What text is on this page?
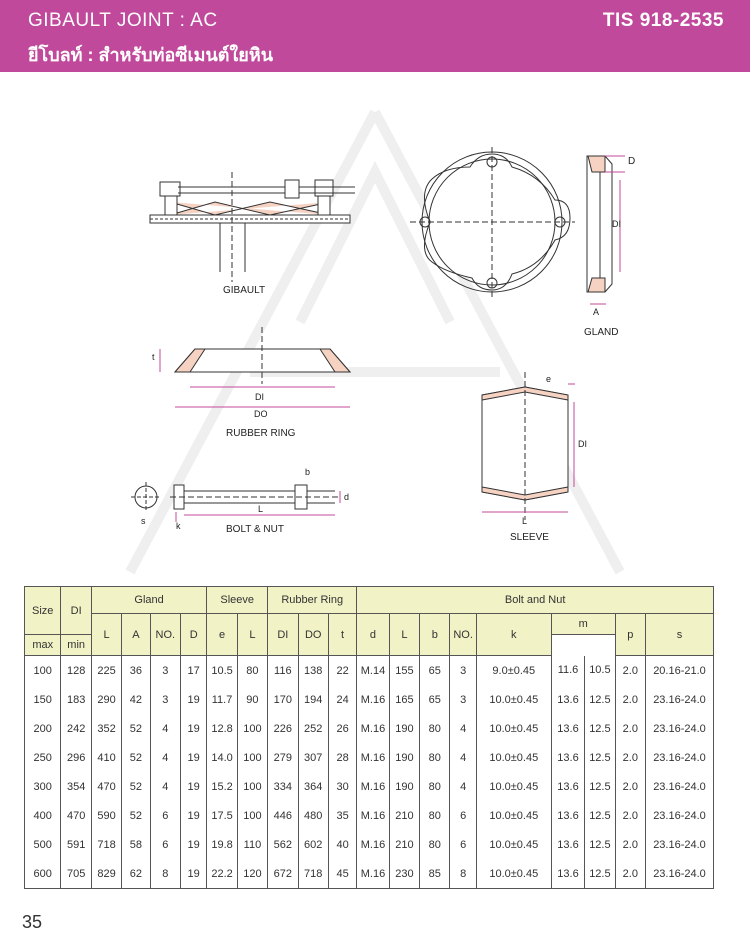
GIBAULT JOINT : AC
ยีโบลท์ : สำหรับท่อซีเมนต์ใยหิน
TIS 918-2535
GIBAULT
D
DI
A
GLAND
t
DI
DO
RUBBER RING
e
DI
L
SLEEVE
b
d
s	k
L
BOLT & NUT
Size	DI	Gland				Sleeve		Rubber Ring			Bolt and Nut								
		L	A	NO.	D	e	L	DI	DO	t	d	L	b	NO.	k	m		p	s
max	min																		
100	128	225	36	3	17	10.5	80	116	138	22	M.14	155	65	3	9.0±0.45	11.6	10.5	2.0	20.16-21.0
150	183	290	42	3	19	11.7	90	170	194	24	M.16	165	65	3	10.0±0.45	13.6	12.5	2.0	23.16-24.0
200	242	352	52	4	19	12.8	100	226	252	26	M.16	190	80	4	10.0±0.45	13.6	12.5	2.0	23.16-24.0
250	296	410	52	4	19	14.0	100	279	307	28	M.16	190	80	4	10.0±0.45	13.6	12.5	2.0	23.16-24.0
300	354	470	52	4	19	15.2	100	334	364	30	M.16	190	80	4	10.0±0.45	13.6	12.5	2.0	23.16-24.0
400	470	590	52	6	19	17.5	100	446	480	35	M.16	210	80	6	10.0±0.45	13.6	12.5	2.0	23.16-24.0
500	591	718	58	6	19	19.8	110	562	602	40	M.16	210	80	6	10.0±0.45	13.6	12.5	2.0	23.16-24.0
600	705	829	62	8	19	22.2	120	672	718	45	M.16	230	85	8	10.0±0.45	13.6	12.5	2.0	23.16-24.0
35
